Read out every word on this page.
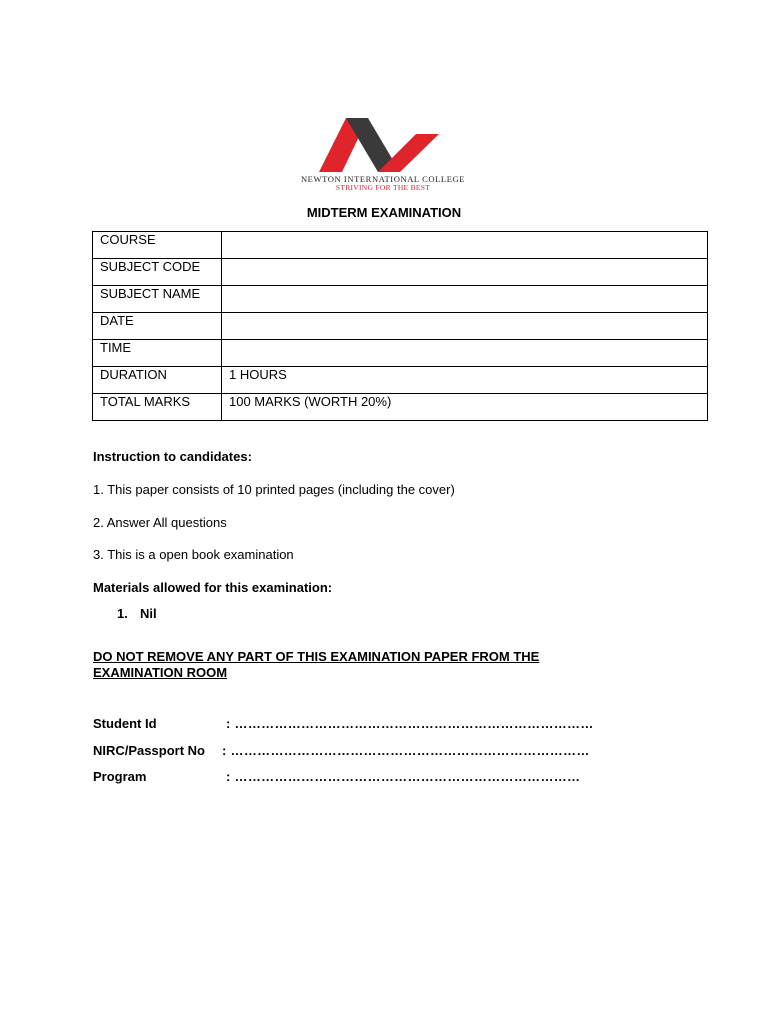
NEWTON INTERNATIONAL COLLEGE
STRIVING FOR THE BEST
MIDTERM EXAMINATION
COURSE	
SUBJECT CODE	
SUBJECT NAME	
DATE	
TIME	
DURATION	1 HOURS
TOTAL MARKS	100 MARKS (WORTH 20%)
Instruction to candidates:
1. This paper consists of 10 printed pages (including the cover)
2. Answer All questions
3. This is a open book examination
Materials allowed for this examination:
1. Nil
DO NOT REMOVE ANY PART OF THIS EXAMINATION PAPER FROM THE EXAMINATION ROOM
Student Id	: ………………………………………………………………………
NIRC/Passport No : ………………………………………………………………………
Program	: ……………………………………………………………………
